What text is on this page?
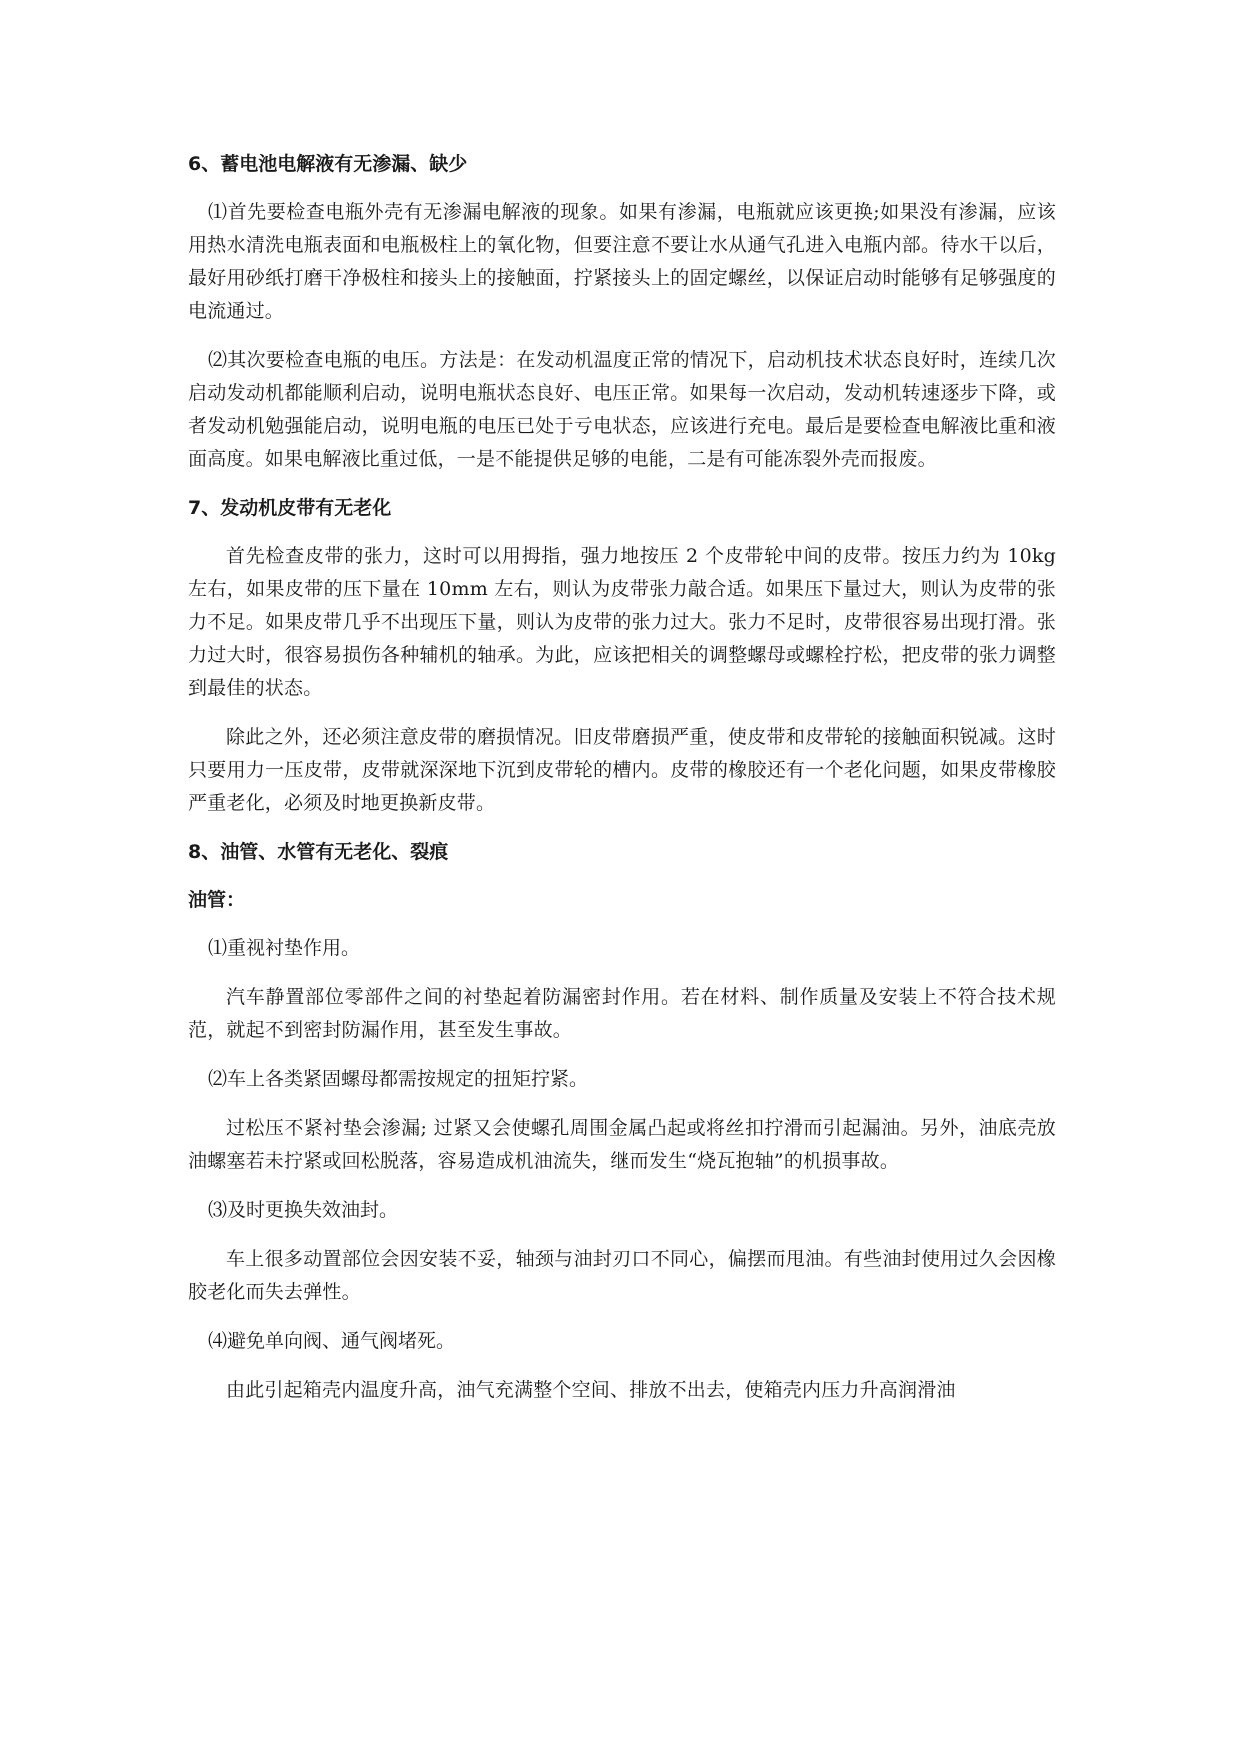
6、蓄电池电解液有无渗漏、缺少

⑴首先要检查电瓶外壳有无渗漏电解液的现象。如果有渗漏，电瓶就应该更换;如果没有渗漏，应该用热水清洗电瓶表面和电瓶极柱上的氧化物，但要注意不要让水从通气孔进入电瓶内部。待水干以后，最好用砂纸打磨干净极柱和接头上的接触面，拧紧接头上的固定螺丝，以保证启动时能够有足够强度的电流通过。

⑵其次要检查电瓶的电压。方法是：在发动机温度正常的情况下，启动机技术状态良好时，连续几次启动发动机都能顺利启动，说明电瓶状态良好、电压正常。如果每一次启动，发动机转速逐步下降，或者发动机勉强能启动，说明电瓶的电压已处于亏电状态，应该进行充电。最后是要检查电解液比重和液面高度。如果电解液比重过低，一是不能提供足够的电能，二是有可能冻裂外壳而报废。

7、发动机皮带有无老化

首先检查皮带的张力，这时可以用拇指，强力地按压 2 个皮带轮中间的皮带。按压力约为 10kg 左右，如果皮带的压下量在 10mm 左右，则认为皮带张力敲合适。如果压下量过大，则认为皮带的张力不足。如果皮带几乎不出现压下量，则认为皮带的张力过大。张力不足时，皮带很容易出现打滑。张力过大时，很容易损伤各种辅机的轴承。为此，应该把相关的调整螺母或螺栓拧松，把皮带的张力调整到最佳的状态。

除此之外，还必须注意皮带的磨损情况。旧皮带磨损严重，使皮带和皮带轮的接触面积锐减。这时只要用力一压皮带，皮带就深深地下沉到皮带轮的槽内。皮带的橡胶还有一个老化问题，如果皮带橡胶严重老化，必须及时地更换新皮带。

8、油管、水管有无老化、裂痕
油管：
⑴重视衬垫作用。

汽车静置部位零部件之间的衬垫起着防漏密封作用。若在材料、制作质量及安装上不符合技术规范，就起不到密封防漏作用，甚至发生事故。

⑵车上各类紧固螺母都需按规定的扭矩拧紧。

过松压不紧衬垫会渗漏; 过紧又会使螺孔周围金属凸起或将丝扣拧滑而引起漏油。另外，油底壳放油螺塞若未拧紧或回松脱落，容易造成机油流失，继而发生“烧瓦抱轴”的机损事故。

⑶及时更换失效油封。

车上很多动置部位会因安装不妥，轴颈与油封刃口不同心，偏摆而甩油。有些油封使用过久会因橡胶老化而失去弹性。

⑷避免单向阀、通气阀堵死。

由此引起箱壳内温度升高，油气充满整个空间、排放不出去，使箱壳内压力升高润滑油
